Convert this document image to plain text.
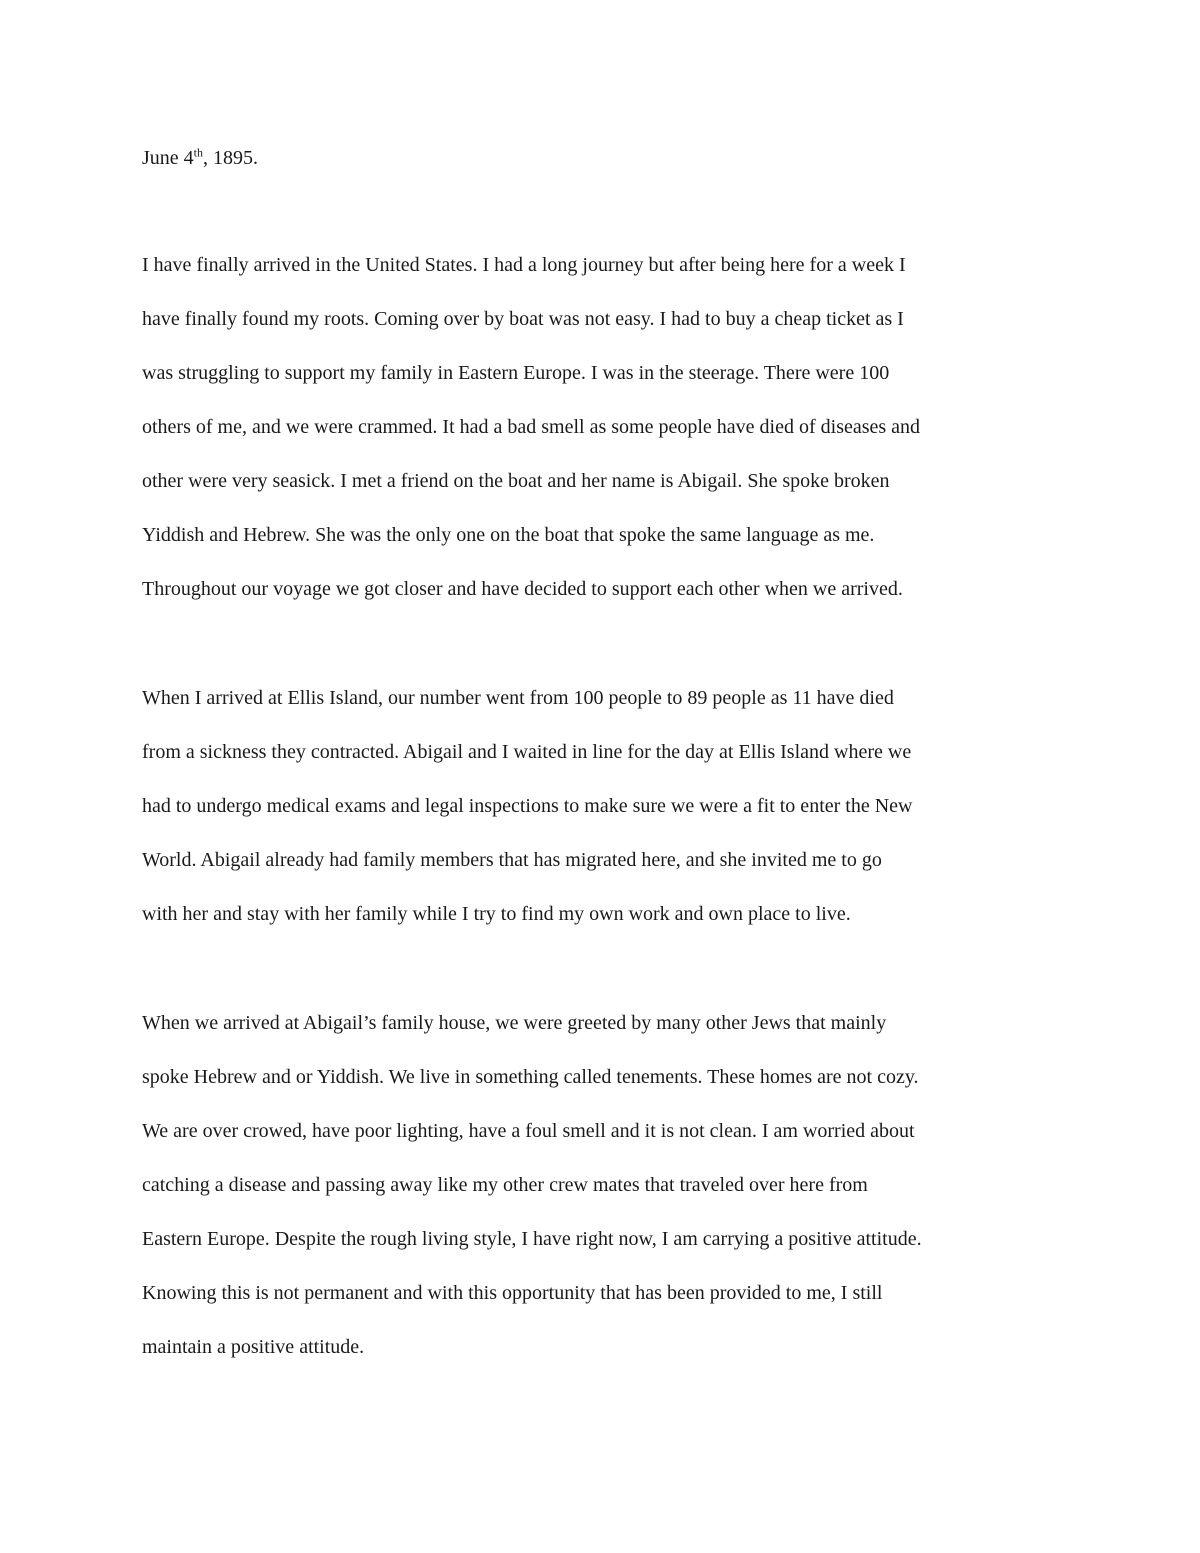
June 4th, 1895.
I have finally arrived in the United States. I had a long journey but after being here for a week I
have finally found my roots. Coming over by boat was not easy. I had to buy a cheap ticket as I
was struggling to support my family in Eastern Europe. I was in the steerage. There were 100
others of me, and we were crammed. It had a bad smell as some people have died of diseases and
other were very seasick. I met a friend on the boat and her name is Abigail. She spoke broken
Yiddish and Hebrew. She was the only one on the boat that spoke the same language as me.
Throughout our voyage we got closer and have decided to support each other when we arrived.
When I arrived at Ellis Island, our number went from 100 people to 89 people as 11 have died
from a sickness they contracted. Abigail and I waited in line for the day at Ellis Island where we
had to undergo medical exams and legal inspections to make sure we were a fit to enter the New
World. Abigail already had family members that has migrated here, and she invited me to go
with her and stay with her family while I try to find my own work and own place to live.
When we arrived at Abigail’s family house, we were greeted by many other Jews that mainly
spoke Hebrew and or Yiddish. We live in something called tenements. These homes are not cozy.
We are over crowed, have poor lighting, have a foul smell and it is not clean. I am worried about
catching a disease and passing away like my other crew mates that traveled over here from
Eastern Europe. Despite the rough living style, I have right now, I am carrying a positive attitude.
Knowing this is not permanent and with this opportunity that has been provided to me, I still
maintain a positive attitude.
